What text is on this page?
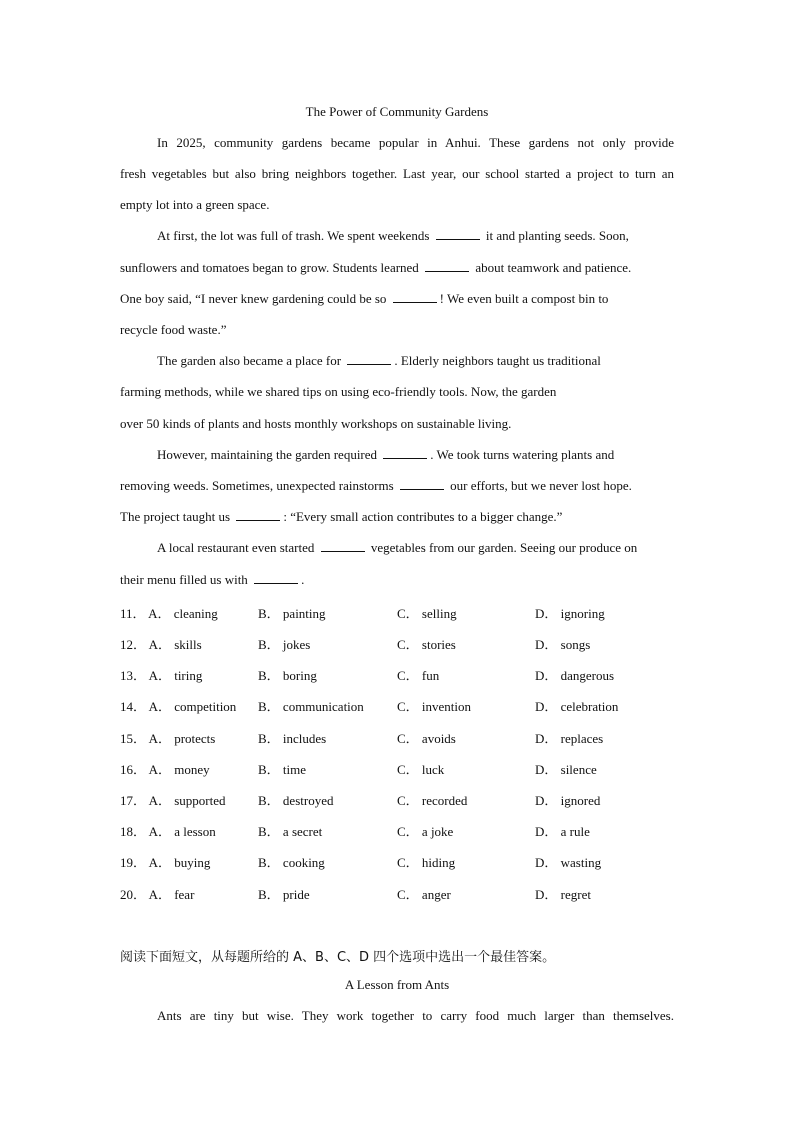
The Power of Community Gardens
In 2025, community gardens became popular in Anhui. These gardens not only provide
fresh vegetables but also bring neighbors together. Last year, our school started a project to turn an
empty lot into a green space.
At first, the lot was full of trash. We spent weekends	it and planting seeds. Soon,
sunflowers and tomatoes began to grow. Students learned	about teamwork and patience.
One boy said, “I never knew gardening could be so	! We even built a compost bin to
recycle food waste.”
The garden also became a place for	. Elderly neighbors taught us traditional
farming methods, while we shared tips on using eco-friendly tools. Now, the garden
over 50 kinds of plants and hosts monthly workshops on sustainable living.
However, maintaining the garden required	. We took turns watering plants and
removing weeds. Sometimes, unexpected rainstorms	our efforts, but we never lost hope.
The project taught us	: “Every small action contributes to a bigger change.”
A local restaurant even started	vegetables from our garden. Seeing our produce on
their menu filled us with	.
11． A． cleaning	B． painting	C． selling	D． ignoring
12． A． skills	B． jokes	C． stories	D． songs
13． A． tiring	B． boring	C． fun	D． dangerous
14． A． competition B． communication	C． invention	D． celebration
15． A． protects	B． includes	C． avoids	D． replaces
16． A． money	B． time	C． luck	D． silence
17． A． supported	B． destroyed	C． recorded	D． ignored
18． A． a lesson	B． a secret	C． a joke	D． a rule
19． A． buying	B． cooking	C． hiding	D． wasting
20． A． fear	B． pride	C． anger	D． regret
阅读下面短文，从每题所给的 A、B、C、D 四个选项中选出一个最佳答案。
A Lesson from Ants
Ants are tiny but wise. They work together to carry food much larger than themselves.
